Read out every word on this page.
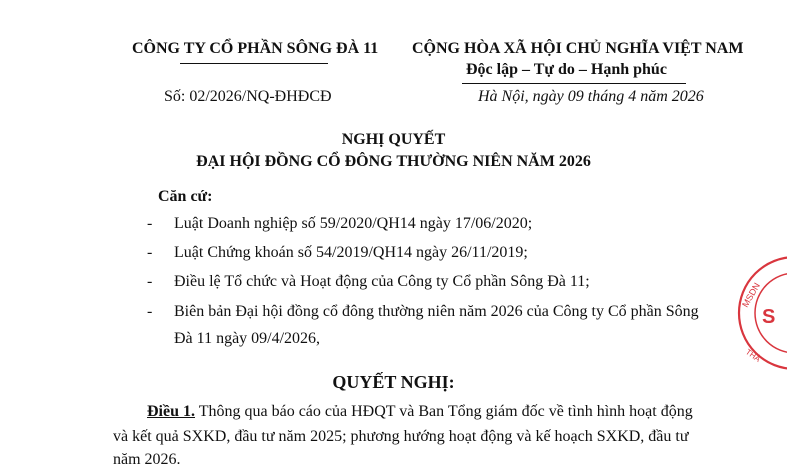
CÔNG TY CỔ PHẦN SÔNG ĐÀ 11 CỘNG HÒA XÃ HỘI CHỦ NGHĨA VIỆT NAM
Độc lập – Tự do – Hạnh phúc
Số: 02/2026/NQ-ĐHĐCĐ	Hà Nội, ngày 09 tháng 4 năm 2026
NGHỊ QUYẾT
ĐẠI HỘI ĐỒNG CỔ ĐÔNG THƯỜNG NIÊN NĂM 2026
Căn cứ:
- Luật Doanh nghiệp số 59/2020/QH14 ngày 17/06/2020;
- Luật Chứng khoán số 54/2019/QH14 ngày 26/11/2019;
- Điều lệ Tổ chức và Hoạt động của Công ty Cổ phần Sông Đà 11;
- Biên bản Đại hội đồng cổ đông thường niên năm 2026 của Công ty Cổ phần Sông
Đà 11 ngày 09/4/2026,
QUYẾT NGHỊ:
Điều 1. Thông qua báo cáo của HĐQT và Ban Tổng giám đốc về tình hình hoạt động
và kết quả SXKD, đầu tư năm 2025; phương hướng hoạt động và kế hoạch SXKD, đầu tư
năm 2026.
MSDN
THÀ
S
